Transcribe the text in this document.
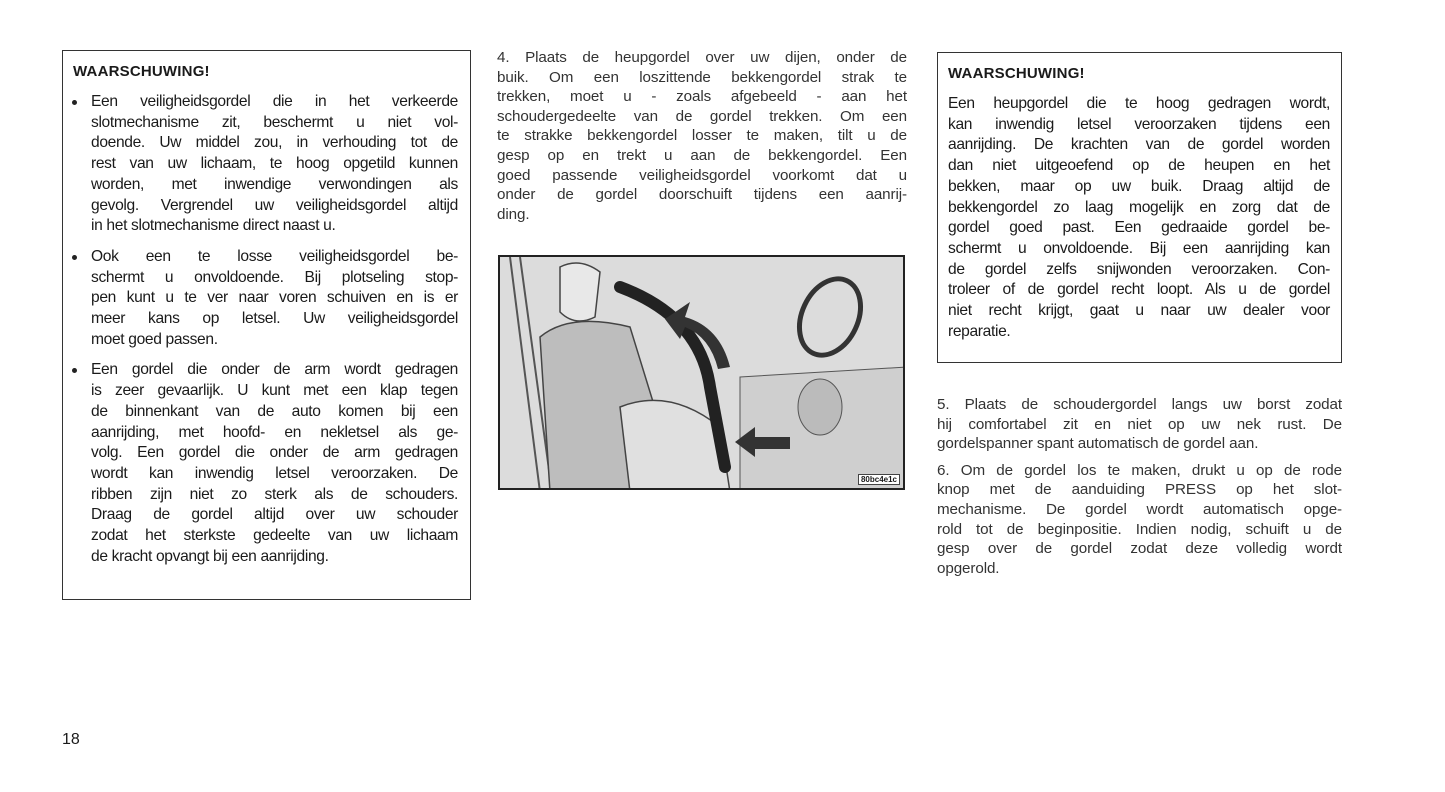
WAARSCHUWING!
Een veiligheidsgordel die in het verkeerde
slotmechanisme zit, beschermt u niet vol-
doende. Uw middel zou, in verhouding tot de
rest van uw lichaam, te hoog opgetild kunnen
worden, met inwendige verwondingen als
gevolg. Vergrendel uw veiligheidsgordel altijd
in het slotmechanisme direct naast u.
Ook een te losse veiligheidsgordel be-
schermt u onvoldoende. Bij plotseling stop-
pen kunt u te ver naar voren schuiven en is er
meer kans op letsel. Uw veiligheidsgordel
moet goed passen.
Een gordel die onder de arm wordt gedragen
is zeer gevaarlijk. U kunt met een klap tegen
de binnenkant van de auto komen bij een
aanrijding, met hoofd- en nekletsel als ge-
volg. Een gordel die onder de arm gedragen
wordt kan inwendig letsel veroorzaken. De
ribben zijn niet zo sterk als de schouders.
Draag de gordel altijd over uw schouder
zodat het sterkste gedeelte van uw lichaam
de kracht opvangt bij een aanrijding.
4. Plaats de heupgordel over uw dijen, onder de
buik. Om een loszittende bekkengordel strak te
trekken, moet u - zoals afgebeeld - aan het
schoudergedeelte van de gordel trekken. Om een
te strakke bekkengordel losser te maken, tilt u de
gesp op en trekt u aan de bekkengordel. Een
goed passende veiligheidsgordel voorkomt dat u
onder de gordel doorschuift tijdens een aanrij-
ding.
80bc4e1c
WAARSCHUWING!
Een heupgordel die te hoog gedragen wordt,
kan inwendig letsel veroorzaken tijdens een
aanrijding. De krachten van de gordel worden
dan niet uitgeoefend op de heupen en het
bekken, maar op uw buik. Draag altijd de
bekkengordel zo laag mogelijk en zorg dat de
gordel goed past. Een gedraaide gordel be-
schermt u onvoldoende. Bij een aanrijding kan
de gordel zelfs snijwonden veroorzaken. Con-
troleer of de gordel recht loopt. Als u de gordel
niet recht krijgt, gaat u naar uw dealer voor
reparatie.
5. Plaats de schoudergordel langs uw borst zodat
hij comfortabel zit en niet op uw nek rust. De
gordelspanner spant automatisch de gordel aan.
6. Om de gordel los te maken, drukt u op de rode
knop met de aanduiding PRESS op het slot-
mechanisme. De gordel wordt automatisch opge-
rold tot de beginpositie. Indien nodig, schuift u de
gesp over de gordel zodat deze volledig wordt
opgerold.
18
